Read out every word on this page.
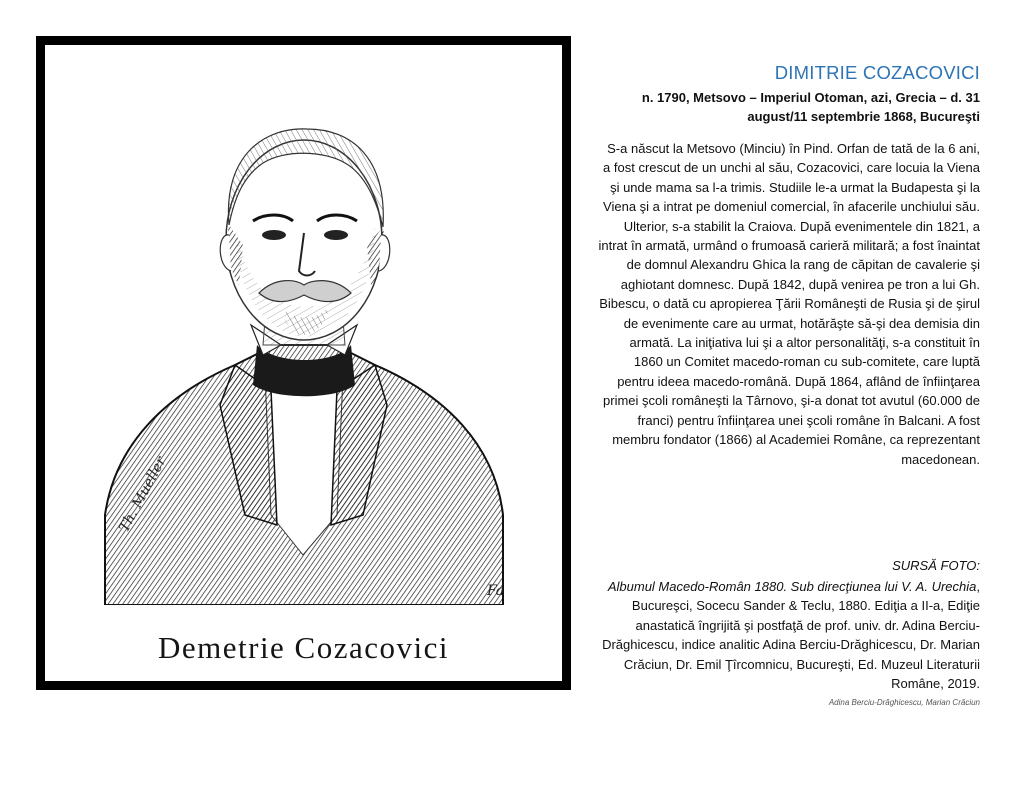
Th. Mueller
Fa
Demetrie Cozacovici
DIMITRIE COZACOVICI
n. 1790, Metsovo – Imperiul Otoman, azi, Grecia – d. 31
august/11 septembrie 1868, Bucureşti
S-a născut la Metsovo (Minciu) în Pind. Orfan de tată de la 6 ani, a fost crescut de un unchi al său, Cozacovici, care locuia la Viena şi unde mama sa l-a trimis. Studiile le-a urmat la Budapesta şi la Viena şi a intrat pe domeniul comercial, în afacerile unchiului său. Ulterior, s-a stabilit la Craiova. După evenimentele din 1821, a intrat în armată, urmând o frumoasă carieră militară; a fost înaintat de domnul Alexandru Ghica la rang de căpitan de cavalerie şi aghiotant domnesc. După 1842, după venirea pe tron a lui Gh. Bibescu, o dată cu apropierea Ţării Româneşti de Rusia şi de şirul de evenimente care au urmat, hotărăşte să-şi dea demisia din armată. La iniţiativa lui şi a altor personalităţi, s-a constituit în 1860 un Comitet macedo-roman cu sub-comitete, care luptă pentru ideea macedo-română. După 1864, aflând de înfiinţarea primei şcoli româneşti la Târnovo, şi-a donat tot avutul (60.000 de franci) pentru înfiinţarea unei şcoli române în Balcani. A fost membru fondator (1866) al Academiei Române, ca reprezentant macedonean.
SURSĂ FOTO:
Albumul Macedo-Român 1880. Sub direcţiunea lui V. A. Urechia, Bucureşci, Socecu Sander & Teclu, 1880. Ediţia a II-a, Ediţie anastatică îngrijită şi postfaţă de prof. univ. dr. Adina Berciu-Drăghicescu, indice analitic Adina Berciu-Drăghicescu, Dr. Marian Crăciun, Dr. Emil Ţîrcomnicu, Bucureşti, Ed. Muzeul Literaturii Române, 2019.
Adina Berciu-Drăghicescu, Marian Crăciun
